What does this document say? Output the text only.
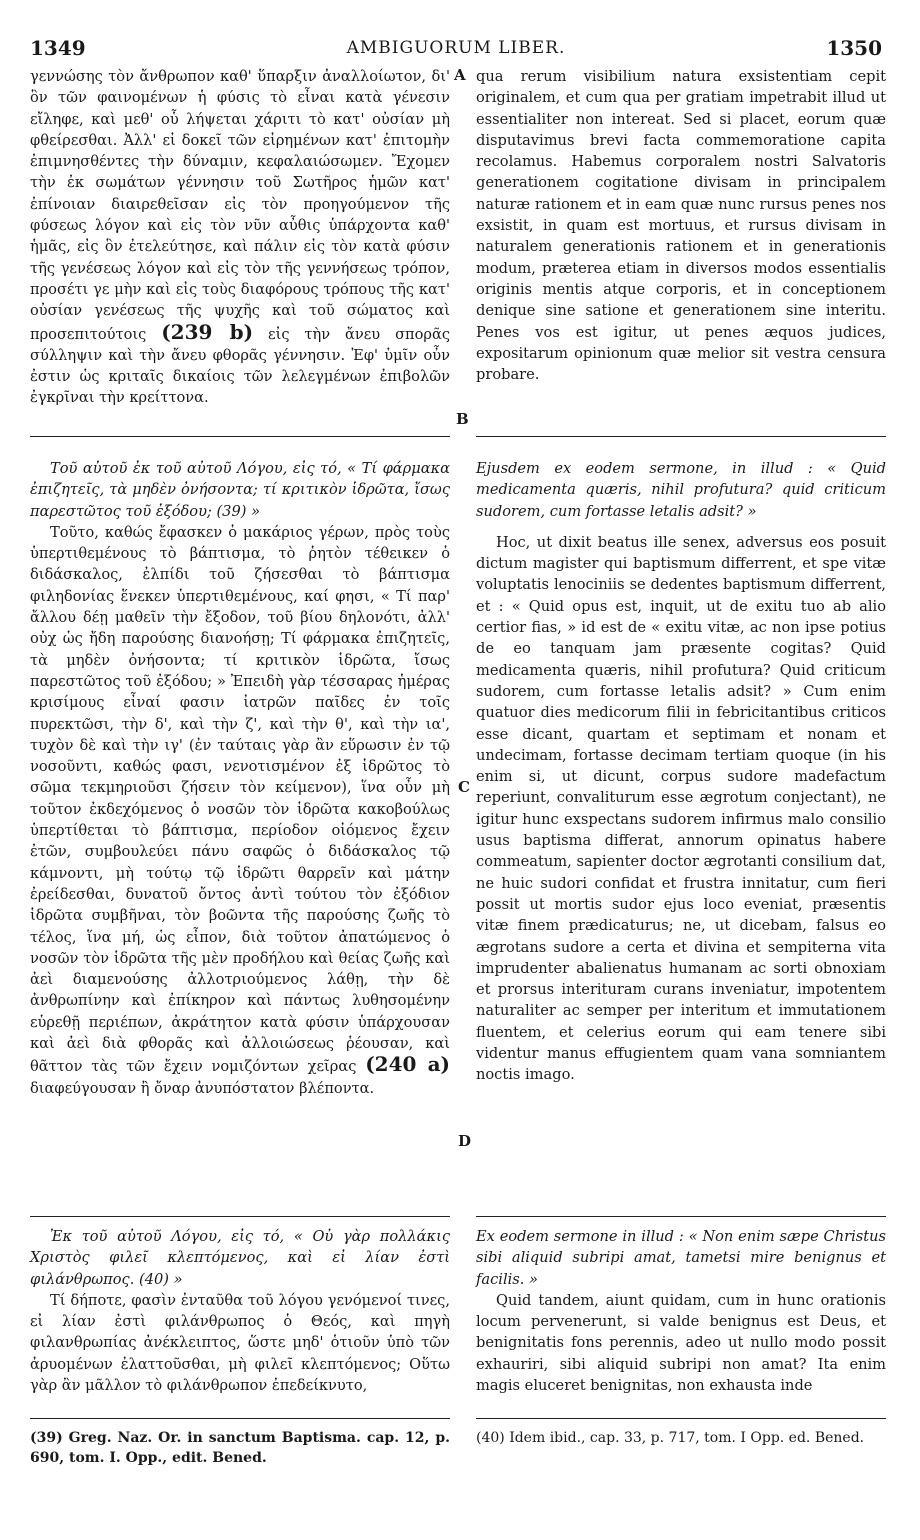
1349	AMBIGUORUM LIBER.	1350

γεννώσης τὸν ἄνθρωπον καθ' ὕπαρξιν ἀναλλοίωτον, δι' ὃν τῶν φαινομένων ἡ φύσις τὸ εἶναι κατὰ γένεσιν εἴληφε, καὶ μεθ' οὗ λήψεται χάριτι τὸ κατ' οὐσίαν μὴ φθείρεσθαι. Ἀλλ' εἰ δοκεῖ τῶν εἰρημένων κατ' ἐπιτομὴν ἐπιμνησθέντες τὴν δύναμιν, κεφαλαιώσωμεν. Ἔχομεν τὴν ἐκ σωμάτων γέννησιν τοῦ Σωτῆρος ἡμῶν κατ' ἐπίνοιαν διαιρεθεῖσαν εἰς τὸν προηγούμενον τῆς φύσεως λόγον καὶ εἰς τὸν νῦν αὖθις ὑπάρχοντα καθ' ἡμᾶς, εἰς ὃν ἐτελεύτησε, καὶ πάλιν εἰς τὸν κατὰ φύσιν τῆς γενέσεως λόγον καὶ εἰς τὸν τῆς γεννήσεως τρόπον, προσέτι γε μὴν καὶ εἰς τοὺς διαφόρους τρόπους τῆς κατ' οὐσίαν γενέσεως τῆς ψυχῆς καὶ τοῦ σώματος καὶ προσεπιτούτοις (239 b) εἰς τὴν ἄνευ σπορᾶς σύλληψιν καὶ τὴν ἄνευ φθορᾶς γέννησιν. Ἐφ' ὑμῖν οὖν ἐστιν ὡς κριταῖς δικαίοις τῶν λελεγμένων ἐπιβολῶν ἐγκρῖναι τὴν κρείττονα.

qua rerum visibilium natura exsistentiam cepit originalem, et cum qua per gratiam impetrabit illud ut essentialiter non intereat. Sed si placet, eorum quæ disputavimus brevi facta commemoratione capita recolamus. Habemus corporalem nostri Salvatoris generationem cogitatione divisam in principalem naturæ rationem et in eam quæ nunc rursus penes nos exsistit, in quam est mortuus, et rursus divisam in naturalem generationis rationem et in generationis modum, præterea etiam in diversos modos essentialis originis mentis atque corporis, et in conceptionem denique sine satione et generationem sine interitu. Penes vos est igitur, ut penes æquos judices, expositarum opinionum quæ melior sit vestra censura probare.

A
B

Τοῦ αὐτοῦ ἐκ τοῦ αὐτοῦ Λόγου, εἰς τό, « Τί φάρμακα ἐπιζητεῖς, τὰ μηδὲν ὀνήσοντα; τί κριτικὸν ἱδρῶτα, ἴσως παρεστῶτος τοῦ ἐξόδου; (39) »

Τοῦτο, καθώς ἔφασκεν ὁ μακάριος γέρων, πρὸς τοὺς ὑπερτιθεμένους τὸ βάπτισμα, τὸ ῥητὸν τέθεικεν ὁ διδάσκαλος, ἐλπίδι τοῦ ζήσεσθαι τὸ βάπτισμα φιληδονίας ἕνεκεν ὑπερτιθεμένους, καί φησι, « Τί παρ' ἄλλου δέῃ μαθεῖν τὴν ἔξοδον, τοῦ βίου δηλονότι, ἀλλ' οὐχ ὡς ἤδη παρούσης διανοήσῃ; Τί φάρμακα ἐπιζητεῖς, τὰ μηδὲν ὀνήσοντα; τί κριτικὸν ἱδρῶτα, ἴσως παρεστῶτος τοῦ ἐξόδου; » Ἐπειδὴ γὰρ τέσσαρας ἡμέρας κρισίμους εἶναί φασιν ἰατρῶν παῖδες ἐν τοῖς πυρεκτῶσι, τὴν δ', καὶ τὴν ζ', καὶ τὴν θ', καὶ τὴν ια', τυχὸν δὲ καὶ τὴν ιγ' (ἐν ταύταις γὰρ ἂν εὕρωσιν ἐν τῷ νοσοῦντι, καθώς φασι, νενοτισμένον ἐξ ἱδρῶτος τὸ σῶμα τεκμηριοῦσι ζήσειν τὸν κείμενον), ἵνα οὖν μὴ τοῦτον ἐκδεχόμενος ὁ νοσῶν τὸν ἱδρῶτα κακοβούλως ὑπερτίθεται τὸ βάπτισμα, περίοδον οἰόμενος ἔχειν ἐτῶν, συμβουλεύει πάνυ σαφῶς ὁ διδάσκαλος τῷ κάμνοντι, μὴ τούτῳ τῷ ἱδρῶτι θαρρεῖν καὶ μάτην ἐρείδεσθαι, δυνατοῦ ὄντος ἀντὶ τούτου τὸν ἐξόδιον ἱδρῶτα συμβῆναι, τὸν βοῶντα τῆς παρούσης ζωῆς τὸ τέλος, ἵνα μή, ὡς εἶπον, διὰ τοῦτον ἀπατώμενος ὁ νοσῶν τὸν ἱδρῶτα τῆς μὲν προδήλου καὶ θείας ζωῆς καὶ ἀεὶ διαμενούσης ἀλλοτριούμενος λάθῃ, τὴν δὲ ἀνθρωπίνην καὶ ἐπίκηρον καὶ πάντως λυθησομένην εὑρεθῇ περιέπων, ἀκράτητον κατὰ φύσιν ὑπάρχουσαν καὶ ἀεὶ διὰ φθορᾶς καὶ ἀλλοιώσεως ῥέουσαν, καὶ θᾶττον τὰς τῶν ἔχειν νομιζόντων χεῖρας (240 a) διαφεύγουσαν ἢ ὄναρ ἀνυπόστατον βλέποντα.

Ejusdem ex eodem sermone, in illud : « Quid medicamenta quæris, nihil profutura? quid criticum sudorem, cum fortasse letalis adsit? »

Hoc, ut dixit beatus ille senex, adversus eos posuit dictum magister qui baptismum differrent, et spe vitæ voluptatis lenociniis se dedentes baptismum differrent, et : « Quid opus est, inquit, ut de exitu tuo ab alio certior fias, » id est de « exitu vitæ, ac non ipse potius de eo tanquam jam præsente cogitas? Quid medicamenta quæris, nihil profutura? Quid criticum sudorem, cum fortasse letalis adsit? » Cum enim quatuor dies medicorum filii in febricitantibus criticos esse dicant, quartam et septimam et nonam et undecimam, fortasse decimam tertiam quoque (in his enim si, ut dicunt, corpus sudore madefactum reperiunt, convaliturum esse ægrotum conjectant), ne igitur hunc exspectans sudorem infirmus malo consilio usus baptisma differat, annorum opinatus habere commeatum, sapienter doctor ægrotanti consilium dat, ne huic sudori confidat et frustra innitatur, cum fieri possit ut mortis sudor ejus loco eveniat, præsentis vitæ finem prædicaturus; ne, ut dicebam, falsus eo ægrotans sudore a certa et divina et sempiterna vita imprudenter abalienatus humanam ac sorti obnoxiam et prorsus interituram curans inveniatur, impotentem naturaliter ac semper per interitum et immutationem fluentem, et celerius eorum qui eam tenere sibi videntur manus effugientem quam vana somniantem noctis imago.

C
D

Ἐκ τοῦ αὐτοῦ Λόγου, εἰς τό, « Οὐ γὰρ πολλάκις Χριστὸς φιλεῖ κλεπτόμενος, καὶ εἰ λίαν ἐστὶ φιλάνθρωπος. (40) »

Τί δήποτε, φασὶν ἐνταῦθα τοῦ λόγου γενόμενοί τινες, εἰ λίαν ἐστὶ φιλάνθρωπος ὁ Θεός, καὶ πηγὴ φιλανθρωπίας ἀνέκλειπτος, ὥστε μηδ' ὁτιοῦν ὑπὸ τῶν ἀρυομένων ἐλαττοῦσθαι, μὴ φιλεῖ κλεπτόμενος; Οὕτω γὰρ ἂν μᾶλλον τὸ φιλάνθρωπον ἐπεδείκνυτο,

Ex eodem sermone in illud : « Non enim sæpe Christus sibi aliquid subripi amat, tametsi mire benignus et facilis. »

Quid tandem, aiunt quidam, cum in hunc orationis locum pervenerunt, si valde benignus est Deus, et benignitatis fons perennis, adeo ut nullo modo possit exhauriri, sibi aliquid subripi non amat? Ita enim magis eluceret benignitas, non exhausta inde

(39) Greg. Naz. Or. in sanctum Baptisma. cap. 12, p. 690, tom. I. Opp., edit. Bened.
(40) Idem ibid., cap. 33, p. 717, tom. I Opp. ed. Bened.
